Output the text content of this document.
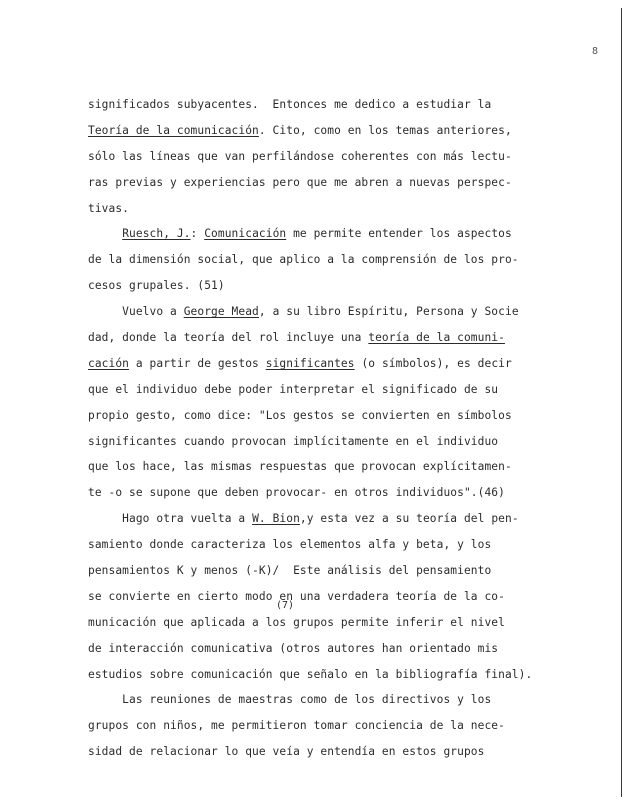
8
(7)
significados subyacentes.  Entonces me dedico a estudiar la
Teoría de la comunicación. Cito, como en los temas anteriores,
sólo las líneas que van perfilándose coherentes con más lectu-
ras previas y experiencias pero que me abren a nuevas perspec-
tivas.
Ruesch, J.: Comunicación me permite entender los aspectos
de la dimensión social, que aplico a la comprensión de los pro-
cesos grupales. (51)
Vuelvo a George Mead, a su libro Espíritu, Persona y Socie
dad, donde la teoría del rol incluye una teoría de la comuni-
cación a partir de gestos significantes (o símbolos), es decir
que el individuo debe poder interpretar el significado de su
propio gesto, como dice: "Los gestos se convierten en símbolos
significantes cuando provocan implícitamente en el individuo
que los hace, las mismas respuestas que provocan explícitamen-
te -o se supone que deben provocar- en otros individuos".(46)
Hago otra vuelta a W. Bion,y esta vez a su teoría del pen-
samiento donde caracteriza los elementos alfa y beta, y los
pensamientos K y menos (-K)/  Este análisis del pensamiento
se convierte en cierto modo en una verdadera teoría de la co-
municación que aplicada a los grupos permite inferir el nivel
de interacción comunicativa (otros autores han orientado mis
estudios sobre comunicación que señalo en la bibliografía final).
Las reuniones de maestras como de los directivos y los
grupos con niños, me permitieron tomar conciencia de la nece-
sidad de relacionar lo que veía y entendía en estos grupos
